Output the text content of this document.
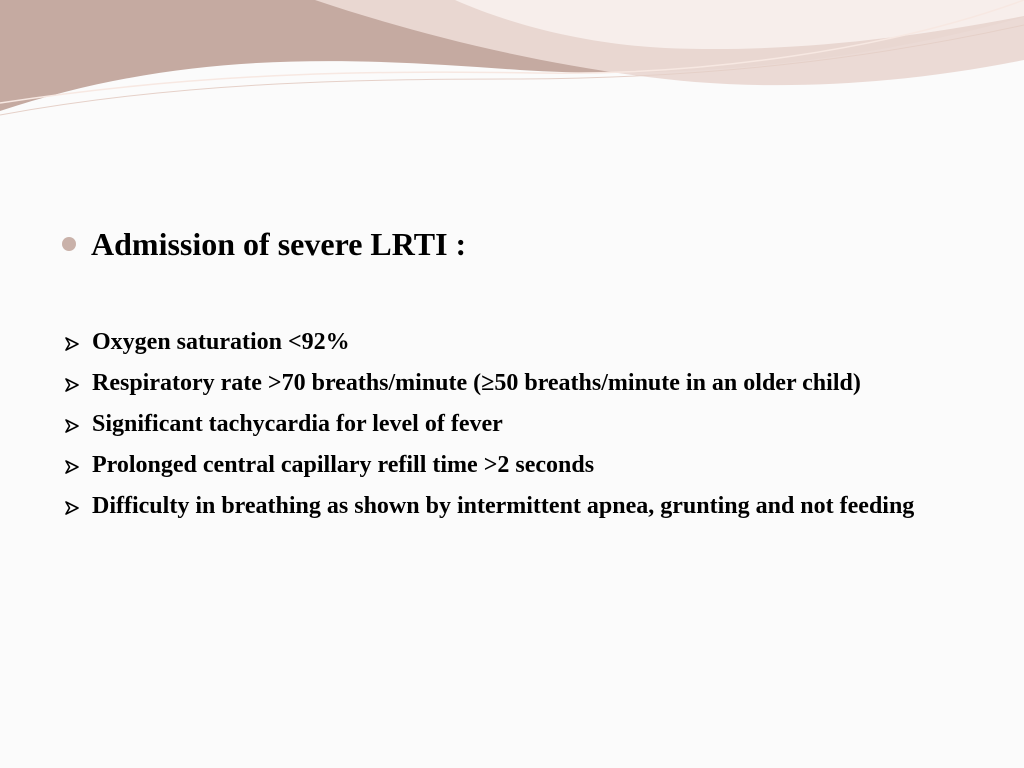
Admission of severe LRTI :
Oxygen saturation <92%
Respiratory rate >70 breaths/minute (≥50 breaths/minute in an older child)
Significant tachycardia for level of fever
Prolonged central capillary refill time >2 seconds
Difficulty in breathing as shown by intermittent apnea, grunting and not feeding
